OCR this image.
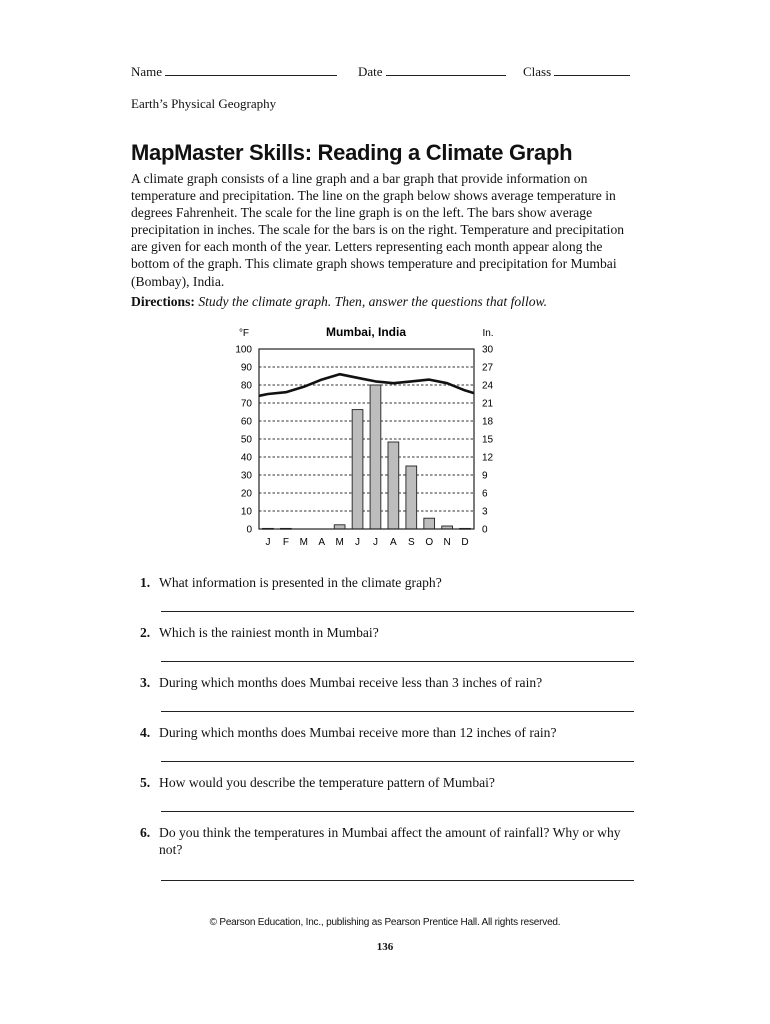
Name	Date	Class
Earth’s Physical Geography
MapMaster Skills: Reading a Climate Graph
A climate graph consists of a line graph and a bar graph that provide information on temperature and precipitation. The line on the graph below shows average temperature in degrees Fahrenheit. The scale for the line graph is on the left. The bars show average precipitation in inches. The scale for the bars is on the right. Temperature and precipitation are given for each month of the year. Letters representing each month appear along the bottom of the graph. This climate graph shows temperature and precipitation for Mumbai (Bombay), India.
Directions: Study the climate graph. Then, answer the questions that follow.
°F	Mumbai, India	In.
0	0
10	3
20	6
30	9
40	12
50	15
60	18
70	21
80	24
90	27
100	30
J F M A M J J A S O N D
1. What information is presented in the climate graph?
2. Which is the rainiest month in Mumbai?
3. During which months does Mumbai receive less than 3 inches of rain?
4. During which months does Mumbai receive more than 12 inches of rain?
5. How would you describe the temperature pattern of Mumbai?
6. Do you think the temperatures in Mumbai affect the amount of rainfall? Why or why not?
© Pearson Education, Inc., publishing as Pearson Prentice Hall. All rights reserved.
136
